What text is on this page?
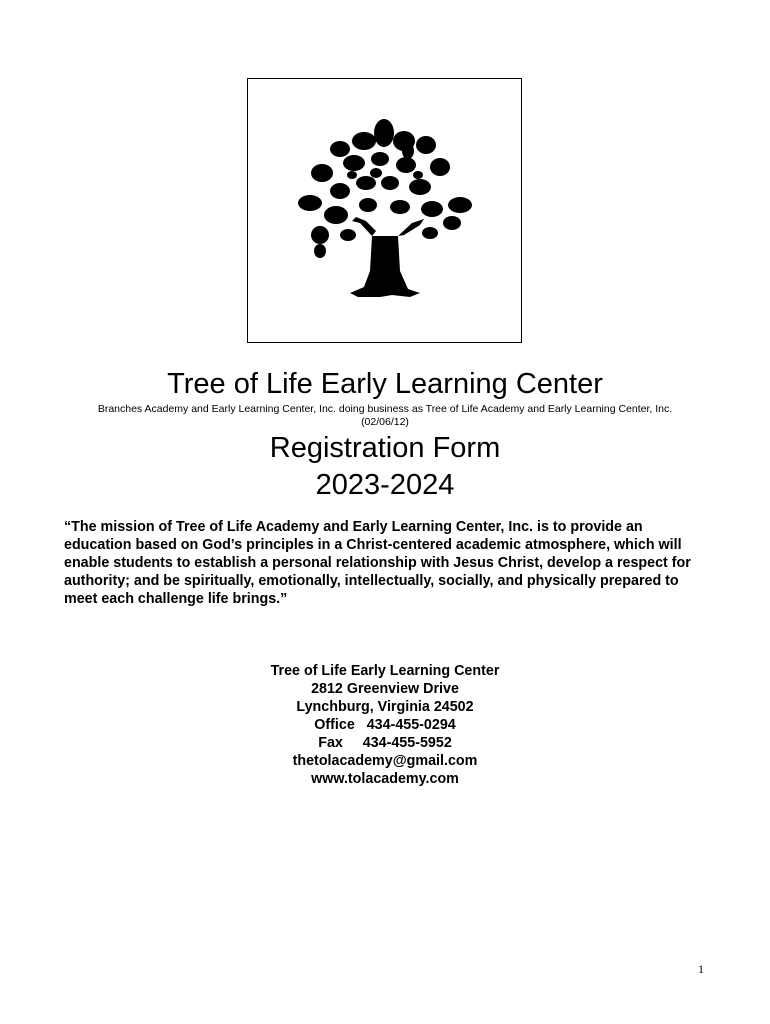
Tree of Life Early Learning Center
Branches Academy and Early Learning Center, Inc. doing business as Tree of Life Academy and Early Learning Center, Inc.
(02/06/12)
Registration Form
2023-2024
“The mission of Tree of Life Academy and Early Learning Center, Inc. is to provide an education based on God’s principles in a Christ-centered academic atmosphere, which will enable students to establish a personal relationship with Jesus Christ, develop a respect for authority; and be spiritually, emotionally, intellectually, socially, and physically prepared to meet each challenge life brings.”
Tree of Life Early Learning Center
2812 Greenview Drive
Lynchburg, Virginia 24502
Office   434-455-0294
Fax     434-455-5952
thetolacademy@gmail.com
www.tolacademy.com
1
